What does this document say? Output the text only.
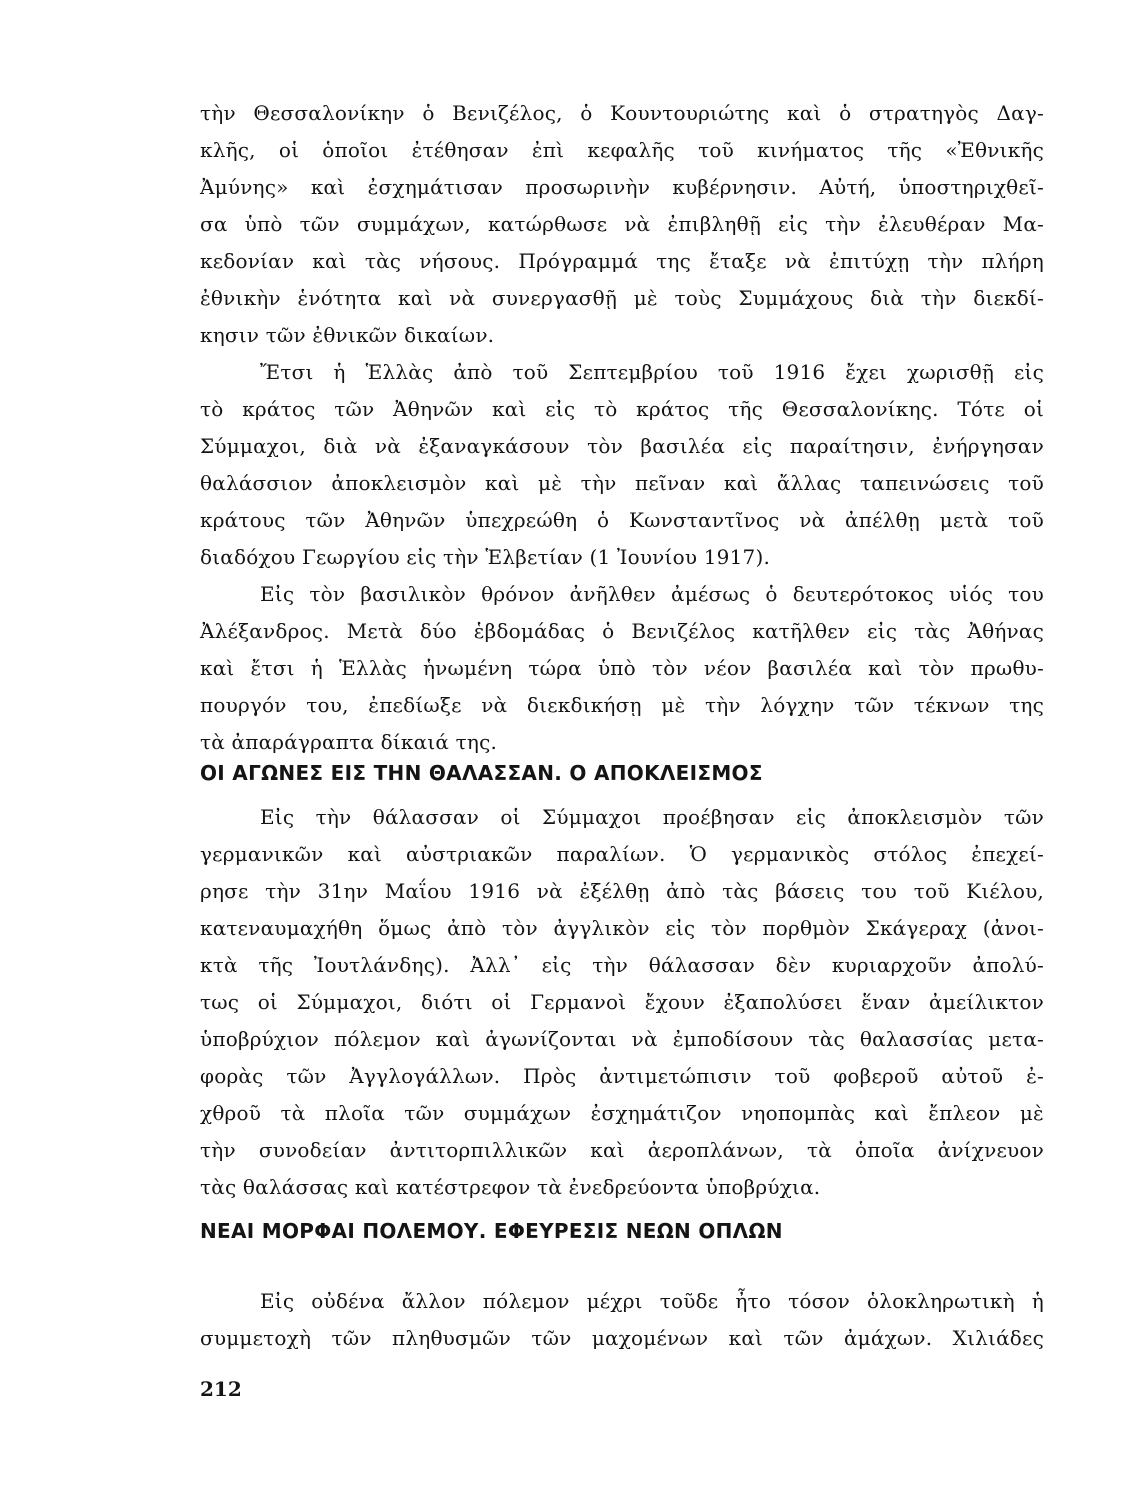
τὴν Θεσσαλονίκην ὁ Βενιζέλος, ὁ Κουντουριώτης καὶ ὁ στρατηγὸς Δαγ-
κλῆς, οἱ ὁποῖοι ἐτέθησαν ἐπὶ κεφαλῆς τοῦ κινήματος τῆς «Ἐθνικῆς
Ἀμύνης» καὶ ἐσχημάτισαν προσωρινὴν κυβέρνησιν. Αὐτή, ὑποστηριχθεῖ-
σα ὑπὸ τῶν συμμάχων, κατώρθωσε νὰ ἐπιβληθῇ εἰς τὴν ἐλευθέραν Μα-
κεδονίαν καὶ τὰς νήσους. Πρόγραμμά της ἔταξε νὰ ἐπιτύχῃ τὴν πλήρη
ἐθνικὴν ἑνότητα καὶ νὰ συνεργασθῇ μὲ τοὺς Συμμάχους διὰ τὴν διεκδί-
κησιν τῶν ἐθνικῶν δικαίων.
Ἔτσι ἡ Ἑλλὰς ἀπὸ τοῦ Σεπτεμβρίου τοῦ 1916 ἔχει χωρισθῇ εἰς
τὸ κράτος τῶν Ἀθηνῶν καὶ εἰς τὸ κράτος τῆς Θεσσαλονίκης. Τότε οἱ
Σύμμαχοι, διὰ νὰ ἐξαναγκάσουν τὸν βασιλέα εἰς παραίτησιν, ἐνήργησαν
θαλάσσιον ἀποκλεισμὸν καὶ μὲ τὴν πεῖναν καὶ ἄλλας ταπεινώσεις τοῦ
κράτους τῶν Ἀθηνῶν ὑπεχρεώθη ὁ Κωνσταντῖνος νὰ ἀπέλθῃ μετὰ τοῦ
διαδόχου Γεωργίου εἰς τὴν Ἑλβετίαν (1 Ἰουνίου 1917).
Εἰς τὸν βασιλικὸν θρόνον ἀνῆλθεν ἀμέσως ὁ δευτερότοκος υἱός του
Ἀλέξανδρος. Μετὰ δύο ἑβδομάδας ὁ Βενιζέλος κατῆλθεν εἰς τὰς Ἀθήνας
καὶ ἔτσι ἡ Ἑλλὰς ἡνωμένη τώρα ὑπὸ τὸν νέον βασιλέα καὶ τὸν πρωθυ-
πουργόν του, ἐπεδίωξε νὰ διεκδικήσῃ μὲ τὴν λόγχην τῶν τέκνων της
τὰ ἀπαράγραπτα δίκαιά της.
ΟΙ ΑΓΩΝΕΣ ΕΙΣ ΤΗΝ ΘΑΛΑΣΣΑΝ. Ο ΑΠΟΚΛΕΙΣΜΟΣ
Εἰς τὴν θάλασσαν οἱ Σύμμαχοι προέβησαν εἰς ἀποκλεισμὸν τῶν
γερμανικῶν καὶ αὐστριακῶν παραλίων. Ὁ γερμανικὸς στόλος ἐπεχεί-
ρησε τὴν 31ην Μαΐου 1916 νὰ ἐξέλθῃ ἀπὸ τὰς βάσεις του τοῦ Κιέλου,
κατεναυμαχήθη ὅμως ἀπὸ τὸν ἀγγλικὸν εἰς τὸν πορθμὸν Σκάγεραχ (ἀνοι-
κτὰ τῆς Ἰουτλάνδης). Ἀλλ᾽ εἰς τὴν θάλασσαν δὲν κυριαρχοῦν ἀπολύ-
τως οἱ Σύμμαχοι, διότι οἱ Γερμανοὶ ἔχουν ἐξαπολύσει ἕναν ἀμείλικτον
ὑποβρύχιον πόλεμον καὶ ἀγωνίζονται νὰ ἐμποδίσουν τὰς θαλασσίας μετα-
φορὰς τῶν Ἀγγλογάλλων. Πρὸς ἀντιμετώπισιν τοῦ φοβεροῦ αὐτοῦ ἐ-
χθροῦ τὰ πλοῖα τῶν συμμάχων ἐσχημάτιζον νηοπομπὰς καὶ ἔπλεον μὲ
τὴν συνοδείαν ἀντιτορπιλλικῶν καὶ ἀεροπλάνων, τὰ ὁποῖα ἀνίχνευον
τὰς θαλάσσας καὶ κατέστρεφον τὰ ἐνεδρεύοντα ὑποβρύχια.
ΝΕΑΙ ΜΟΡΦΑΙ ΠΟΛΕΜΟΥ. ΕΦΕΥΡΕΣΙΣ ΝΕΩΝ ΟΠΛΩΝ
Εἰς οὐδένα ἄλλον πόλεμον μέχρι τοῦδε ἦτο τόσον ὁλοκληρωτικὴ ἡ
συμμετοχὴ τῶν πληθυσμῶν τῶν μαχομένων καὶ τῶν ἀμάχων. Χιλιάδες
212
